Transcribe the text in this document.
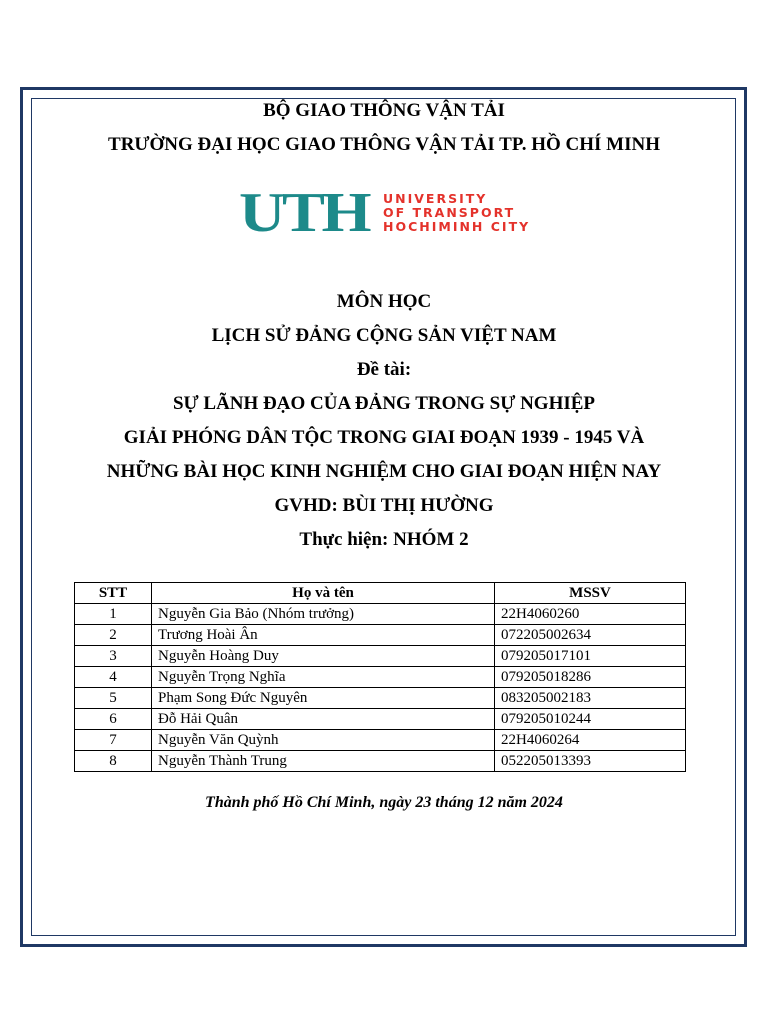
BỘ GIAO THÔNG VẬN TẢI
TRƯỜNG ĐẠI HỌC GIAO THÔNG VẬN TẢI TP. HỒ CHÍ MINH
UTH	UNIVERSITY
OF TRANSPORT
HOCHIMINH CITY
MÔN HỌC
LỊCH SỬ ĐẢNG CỘNG SẢN VIỆT NAM
Đề tài:
SỰ LÃNH ĐẠO CỦA ĐẢNG TRONG SỰ NGHIỆP
GIẢI PHÓNG DÂN TỘC TRONG GIAI ĐOẠN 1939 - 1945 VÀ
NHỮNG BÀI HỌC KINH NGHIỆM CHO GIAI ĐOẠN HIỆN NAY
GVHD: BÙI THỊ HƯỜNG
Thực hiện: NHÓM 2
STT	Họ và tên	MSSV
1	Nguyễn Gia Bảo (Nhóm trưởng)	22H4060260
2	Trương Hoài Ân	072205002634
3	Nguyễn Hoàng Duy	079205017101
4	Nguyễn Trọng Nghĩa	079205018286
5	Phạm Song Đức Nguyên	083205002183
6	Đỗ Hải Quân	079205010244
7	Nguyễn Văn Quỳnh	22H4060264
8	Nguyễn Thành Trung	052205013393
Thành phố Hồ Chí Minh, ngày 23 tháng 12 năm 2024
